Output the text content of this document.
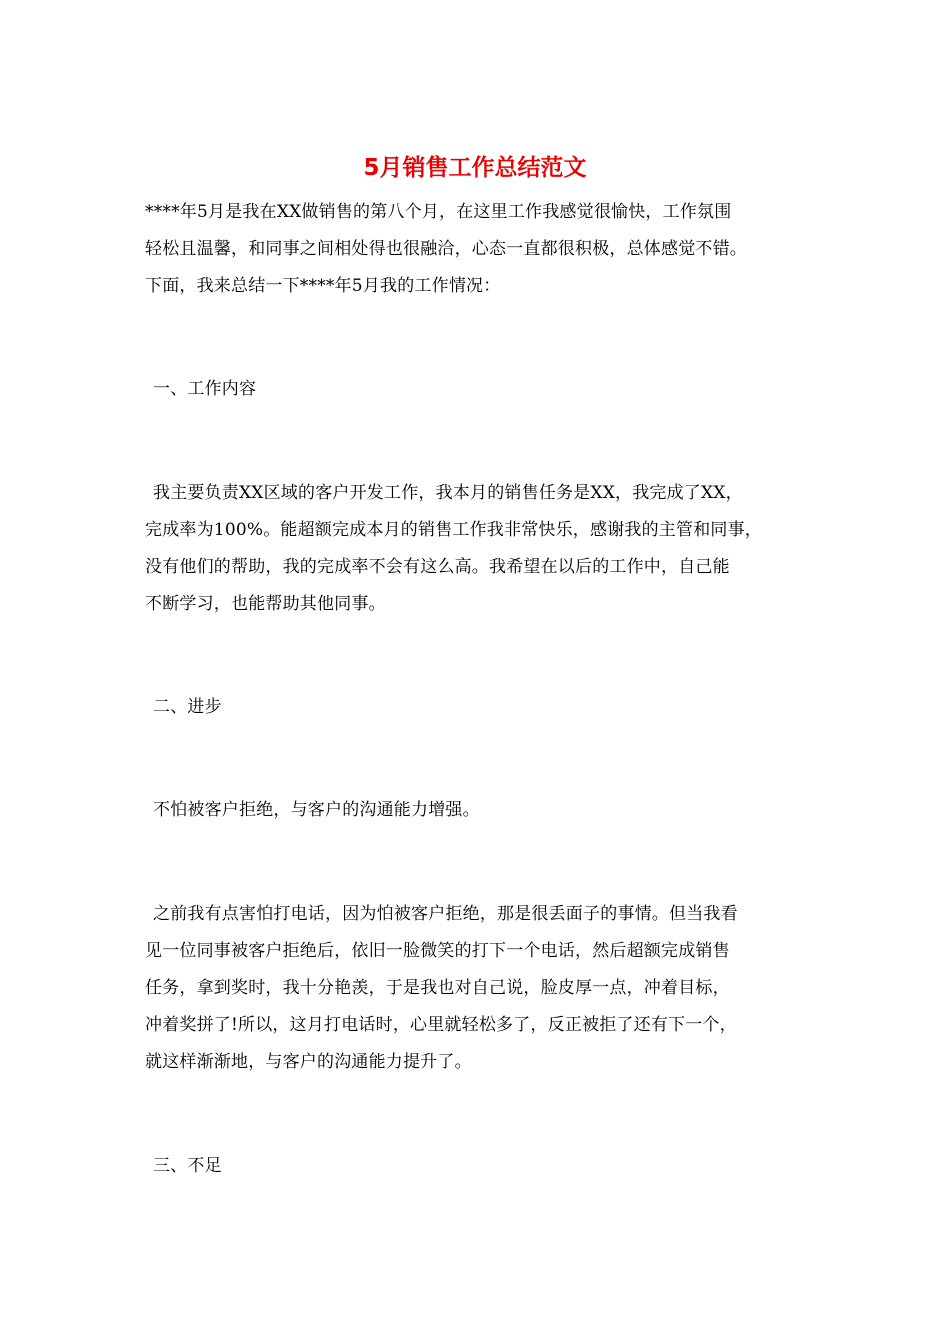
5月销售工作总结范文
****年5月是我在XX做销售的第八个月，在这里工作我感觉很愉快，工作氛围
轻松且温馨，和同事之间相处得也很融洽，心态一直都很积极，总体感觉不错。
下面，我来总结一下****年5月我的工作情况：
一、工作内容
我主要负责XX区域的客户开发工作，我本月的销售任务是XX，我完成了XX，
完成率为100%。能超额完成本月的销售工作我非常快乐，感谢我的主管和同事，
没有他们的帮助，我的完成率不会有这么高。我希望在以后的工作中，自己能
不断学习，也能帮助其他同事。
二、进步
不怕被客户拒绝，与客户的沟通能力增强。
之前我有点害怕打电话，因为怕被客户拒绝，那是很丢面子的事情。但当我看
见一位同事被客户拒绝后，依旧一脸微笑的打下一个电话，然后超额完成销售
任务，拿到奖时，我十分艳羡，于是我也对自己说，脸皮厚一点，冲着目标，
冲着奖拼了!所以，这月打电话时，心里就轻松多了，反正被拒了还有下一个，
就这样渐渐地，与客户的沟通能力提升了。
三、不足
